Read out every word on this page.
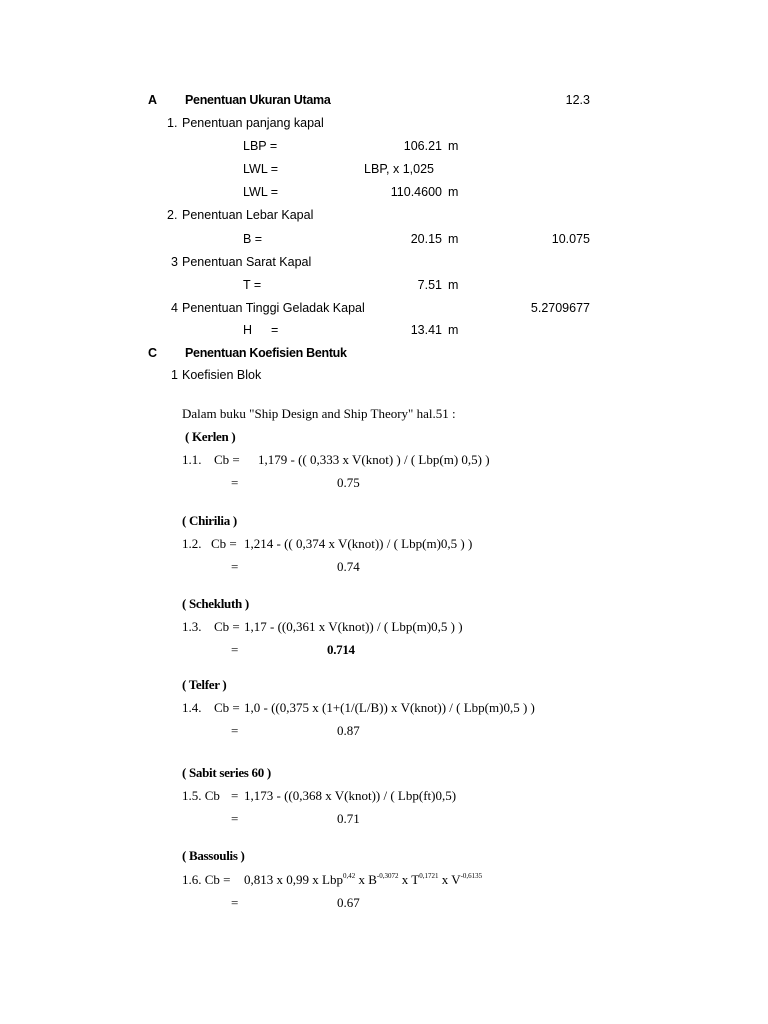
A Penentuan Ukuran Utama	12.3
1. Penentuan panjang kapal
LBP =	106.21 m
LWL =	LBP, x 1,025
LWL =	110.4600 m
2. Penentuan Lebar Kapal
B =	20.15 m	10.075
3 Penentuan Sarat Kapal
T =	7.51 m
4 Penentuan Tinggi Geladak Kapal	5.2709677
H =	13.41 m
C Penentuan Koefisien Bentuk
1 Koefisien Blok
Dalam buku "Ship Design and Ship Theory" hal.51 :
( Kerlen )
1.1. Cb = 1,179 - (( 0,333 x V(knot) ) / ( Lbp(m) 0,5) )
=	0.75
( Chirilia )
1.2. Cb = 1,214 - (( 0,374 x V(knot)) / ( Lbp(m)0,5 ) )
=	0.74
( Schekluth )
1.3. Cb = 1,17 - ((0,361 x V(knot)) / ( Lbp(m)0,5 ) )
=	0.714
( Telfer )
1.4. Cb = 1,0 - ((0,375 x (1+(1/(L/B)) x V(knot)) / ( Lbp(m)0,5 ) )
=	0.87
( Sabit series 60 )
1.5. Cb = 1,173 - ((0,368 x V(knot)) / ( Lbp(ft)0,5)
=	0.71
( Bassoulis )
1.6. Cb = 0,813 x 0,99 x Lbp$^{0,42}$ x $B^{-0,3072}$ x $T^{0,1721}$ x $V^{-0,6135}$
=	0.67
